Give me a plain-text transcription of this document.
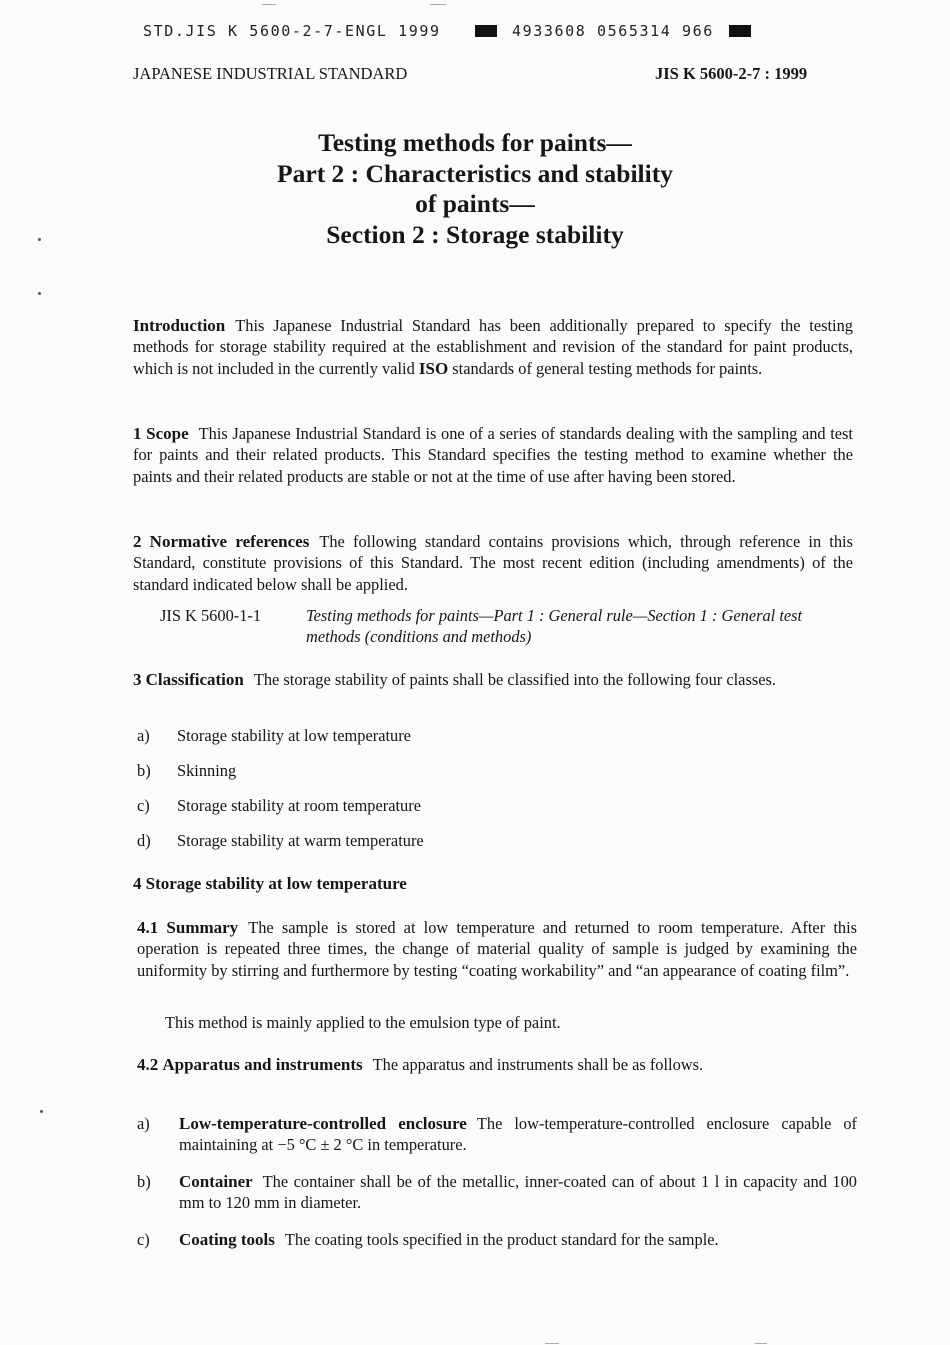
STD.JIS K 5600-2-7-ENGL 1999	4933608 0565314 966
JAPANESE INDUSTRIAL STANDARD	JIS K 5600-2-7 : 1999
Testing methods for paints—
Part 2 : Characteristics and stability
of paints—
Section 2 : Storage stability

Introduction This Japanese Industrial Standard has been additionally prepared to specify the testing methods for storage stability required at the establishment and revision of the standard for paint products, which is not included in the currently valid ISO standards of general testing methods for paints.

1 Scope This Japanese Industrial Standard is one of a series of standards dealing with the sampling and test for paints and their related products. This Standard specifies the testing method to examine whether the paints and their related products are stable or not at the time of use after having been stored.

2 Normative references The following standard contains provisions which, through reference in this Standard, constitute provisions of this Standard. The most recent edition (including amendments) of the standard indicated below shall be applied.

JIS K 5600-1-1	Testing methods for paints—Part 1 : General rule—Section 1 : General test methods (conditions and methods)

3 Classification The storage stability of paints shall be classified into the following four classes.

a) Storage stability at low temperature
b) Skinning
c) Storage stability at room temperature
d) Storage stability at warm temperature

4 Storage stability at low temperature

4.1 Summary The sample is stored at low temperature and returned to room temperature. After this operation is repeated three times, the change of material quality of sample is judged by examining the uniformity by stirring and furthermore by testing “coating workability” and “an appearance of coating film”.

This method is mainly applied to the emulsion type of paint.

4.2 Apparatus and instruments The apparatus and instruments shall be as follows.

a) Low-temperature-controlled enclosure The low-temperature-controlled enclosure capable of maintaining at −5 °C ± 2 °C in temperature.
b) Container The container shall be of the metallic, inner-coated can of about 1 l in capacity and 100 mm to 120 mm in diameter.
c) Coating tools The coating tools specified in the product standard for the sample.
